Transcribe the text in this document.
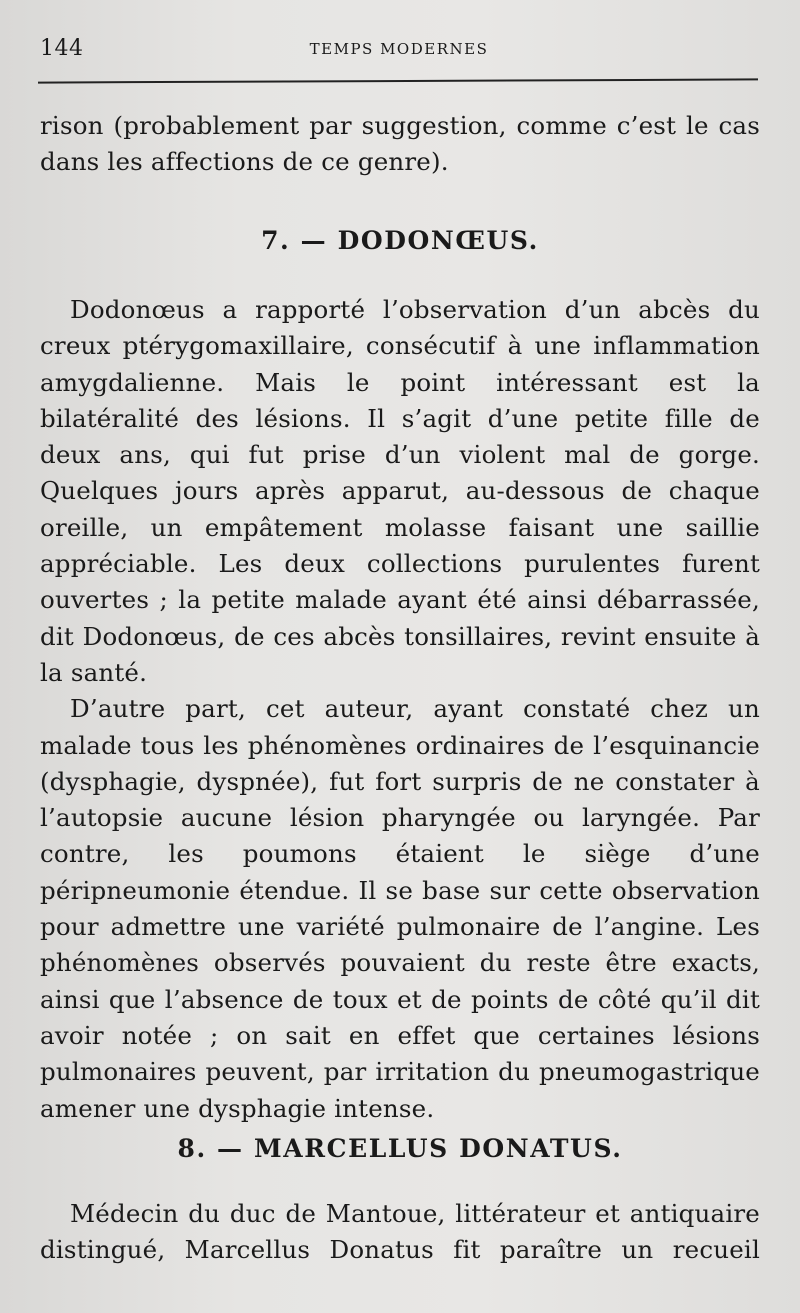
144	TEMPS MODERNES

rison (probablement par suggestion, comme c’est le cas dans les affections de ce genre).

7. — DODONŒUS.

Dodonœus a rapporté l’observation d’un abcès du creux ptérygomaxillaire, consécutif à une inflammation amygdalienne. Mais le point intéressant est la bilatéralité des lésions. Il s’agit d’une petite fille de deux ans, qui fut prise d’un violent mal de gorge. Quelques jours après apparut, au-dessous de chaque oreille, un empâtement molasse faisant une saillie appréciable. Les deux collections purulentes furent ouvertes ; la petite malade ayant été ainsi débarrassée, dit Dodonœus, de ces abcès tonsillaires, revint ensuite à la santé.

D’autre part, cet auteur, ayant constaté chez un malade tous les phénomènes ordinaires de l’esquinancie (dysphagie, dyspnée), fut fort surpris de ne constater à l’autopsie aucune lésion pharyngée ou laryngée. Par contre, les poumons étaient le siège d’une péripneumonie étendue. Il se base sur cette observation pour admettre une variété pulmonaire de l’angine. Les phénomènes observés pouvaient du reste être exacts, ainsi que l’absence de toux et de points de côté qu’il dit avoir notée ; on sait en effet que certaines lésions pulmonaires peuvent, par irritation du pneumogastrique amener une dysphagie intense.

8. — MARCELLUS DONATUS.

Médecin du duc de Mantoue, littérateur et antiquaire distingué, Marcellus Donatus fit paraître un recueil
